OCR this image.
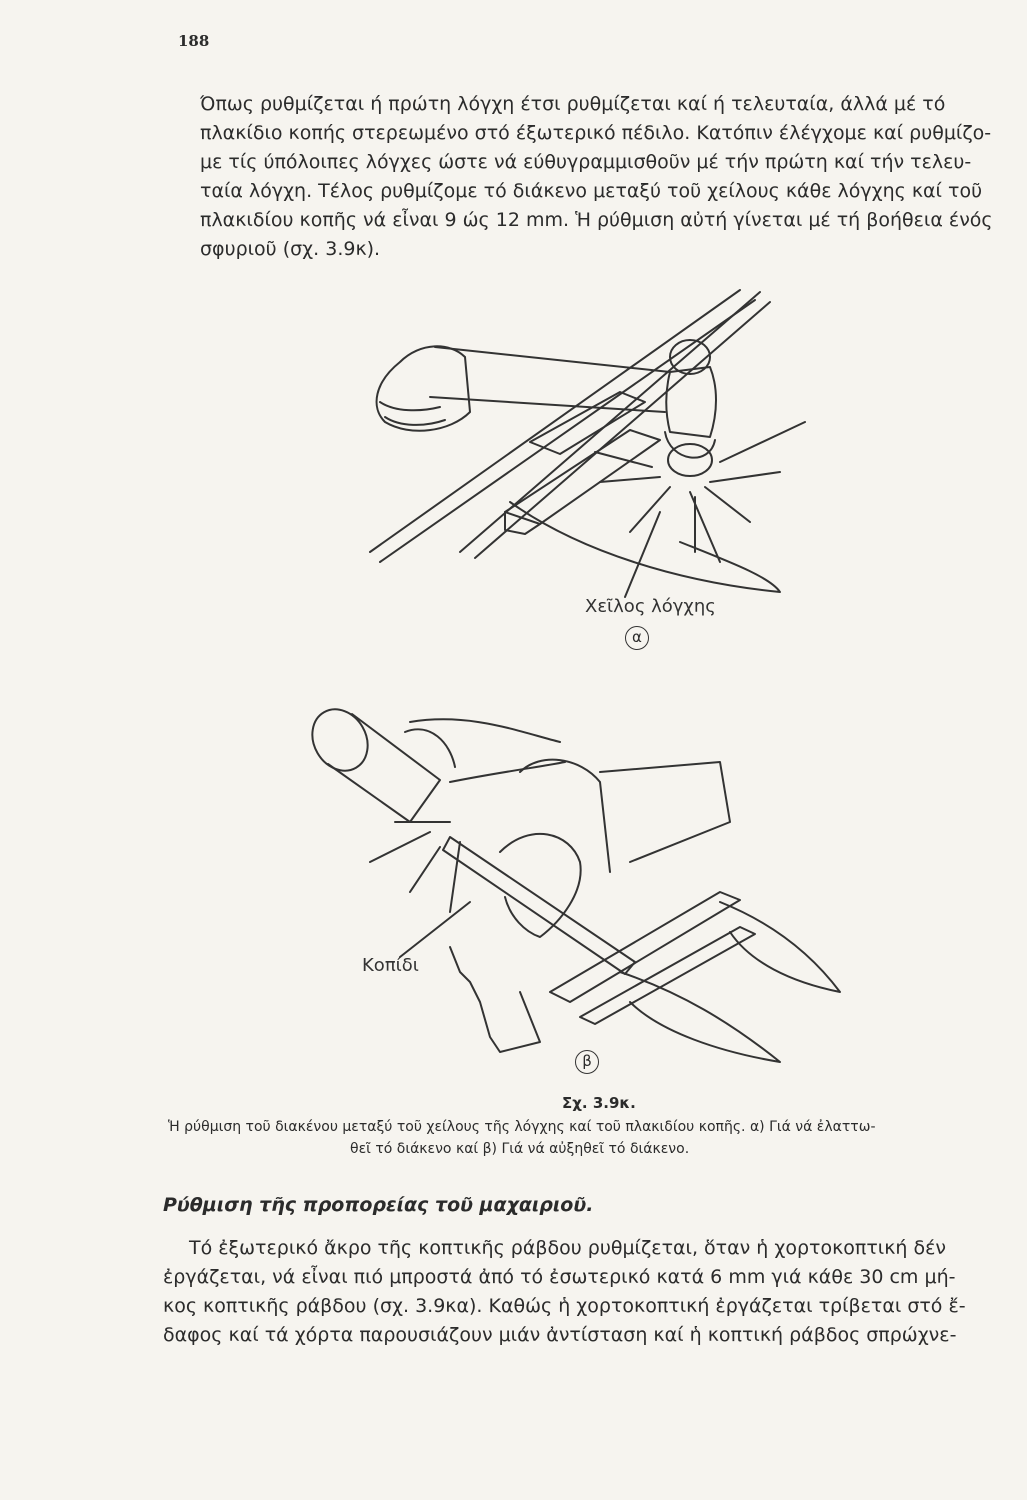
188

Όπως ρυθμίζεται ή πρώτη λόγχη έτσι ρυθμίζεται καί ή τελευταία, άλλά μέ τό
πλακίδιο κοπής στερεωμένο στό έξωτερικό πέδιλο. Κατόπιν έλέγχομε καί ρυθμίζο-
με τίς ύπόλοιπες λόγχες ώστε νά εύθυγραμμισθοῦν μέ τήν πρώτη καί τήν τελευ-
ταία λόγχη. Τέλος ρυθμίζομε τό διάκενο μεταξύ τοῦ χείλους κάθε λόγχης καί τοῦ
πλακιδίου κοπῆς νά εἶναι 9 ώς 12 mm. Ἡ ρύθμιση αὐτή γίνεται μέ τή βοήθεια ένός
σφυριοῦ (σχ. 3.9κ).

Χεῖλος λόγχης
α
Κοπίδι
β
Σχ. 3.9κ.

Ἡ ρύθμιση τοῦ διακένου μεταξύ τοῦ χείλους τῆς λόγχης καί τοῦ πλακιδίου κοπῆς. α) Γιά νά ἐλαττω-
θεῖ τό διάκενο καί β) Γιά νά αὐξηθεῖ τό διάκενο.

Ρύθμιση τῆς προπορείας τοῦ μαχαιριοῦ.

Τό ἐξωτερικό ἄκρο τῆς κοπτικῆς ράβδου ρυθμίζεται, ὅταν ἡ χορτοκοπτική δέν
ἐργάζεται, νά εἶναι πιό μπροστά ἀπό τό ἐσωτερικό κατά 6 mm γιά κάθε 30 cm μή-
κος κοπτικῆς ράβδου (σχ. 3.9κα). Καθώς ἡ χορτοκοπτική ἐργάζεται τρίβεται στό ἔ-
δαφος καί τά χόρτα παρουσιάζουν μιάν ἀντίσταση καί ἡ κοπτική ράβδος σπρώχνε-
